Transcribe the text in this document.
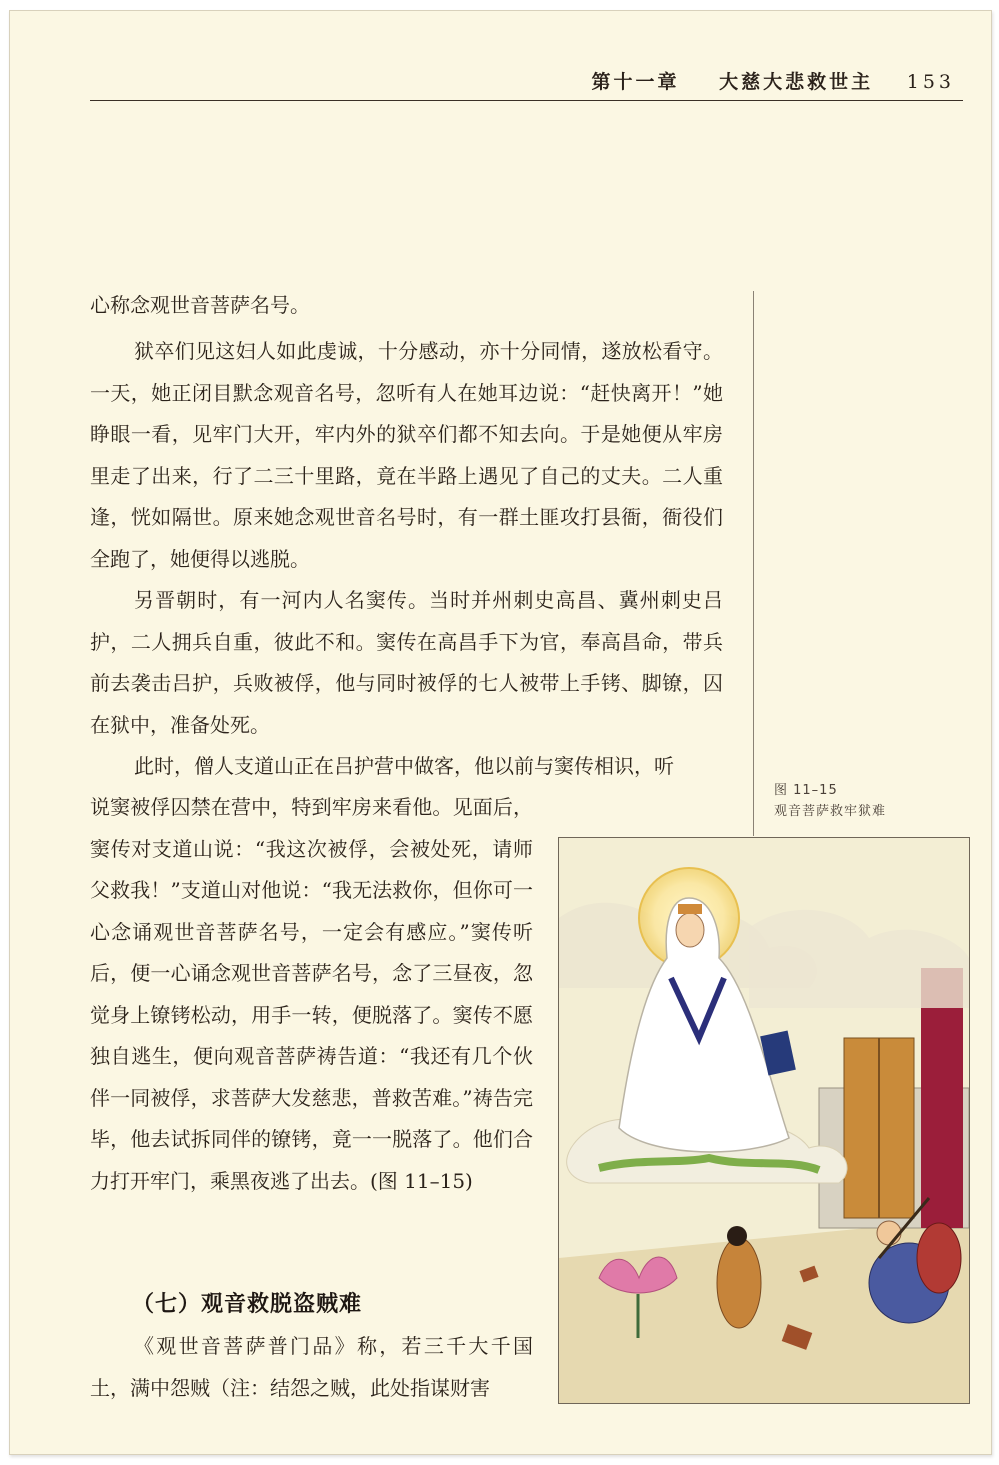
第十一章 大慈大悲救世主 153

心称念观世音菩萨名号。

狱卒们见这妇人如此虔诚，十分感动，亦十分同情，遂放松看守。一天，她正闭目默念观音名号，忽听有人在她耳边说：“赶快离开！”她睁眼一看，见牢门大开，牢内外的狱卒们都不知去向。于是她便从牢房里走了出来，行了二三十里路，竟在半路上遇见了自己的丈夫。二人重逢，恍如隔世。原来她念观世音名号时，有一群土匪攻打县衙，衙役们全跑了，她便得以逃脱。

另晋朝时，有一河内人名窦传。当时并州刺史高昌、冀州刺史吕护，二人拥兵自重，彼此不和。窦传在高昌手下为官，奉高昌命，带兵前去袭击吕护，兵败被俘，他与同时被俘的七人被带上手铐、脚镣，囚在狱中，准备处死。

此时，僧人支道山正在吕护营中做客，他以前与窦传相识，听

说窦被俘囚禁在营中，特到牢房来看他。见面后，窦传对支道山说：“我这次被俘，会被处死，请师父救我！”支道山对他说：“我无法救你，但你可一心念诵观世音菩萨名号，一定会有感应。”窦传听后，便一心诵念观世音菩萨名号，念了三昼夜，忽觉身上镣铐松动，用手一转，便脱落了。窦传不愿独自逃生，便向观音菩萨祷告道：“我还有几个伙伴一同被俘，求菩萨大发慈悲，普救苦难。”祷告完毕，他去试拆同伴的镣铐，竟一一脱落了。他们合力打开牢门，乘黑夜逃了出去。(图 11–15)

（七）观音救脱盗贼难

《观世音菩萨普门品》称，若三千大千国土，满中怨贼（注：结怨之贼，此处指谋财害

图 11–15
观音菩萨救牢狱难
